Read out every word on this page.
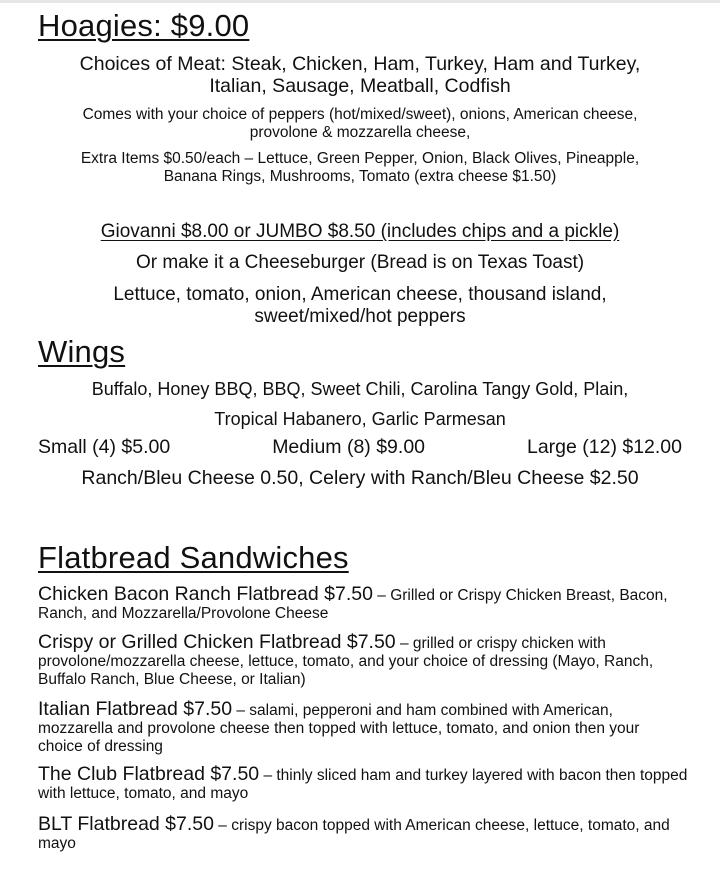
Hoagies: $9.00
Choices of Meat: Steak, Chicken, Ham, Turkey, Ham and Turkey,
Italian, Sausage, Meatball, Codfish
Comes with your choice of peppers (hot/mixed/sweet), onions, American cheese,
provolone & mozzarella cheese,
Extra Items $0.50/each – Lettuce, Green Pepper, Onion, Black Olives, Pineapple,
Banana Rings, Mushrooms, Tomato (extra cheese $1.50)
Giovanni $8.00 or JUMBO $8.50 (includes chips and a pickle)
Or make it a Cheeseburger (Bread is on Texas Toast)
Lettuce, tomato, onion, American cheese, thousand island,
sweet/mixed/hot peppers
Wings
Buffalo, Honey BBQ, BBQ, Sweet Chili, Carolina Tangy Gold, Plain,
Tropical Habanero, Garlic Parmesan
Small (4) $5.00	Medium (8) $9.00	Large (12) $12.00
Ranch/Bleu Cheese 0.50, Celery with Ranch/Bleu Cheese $2.50
Flatbread Sandwiches
Chicken Bacon Ranch Flatbread $7.50 – Grilled or Crispy Chicken Breast, Bacon, Ranch, and Mozzarella/Provolone Cheese
Crispy or Grilled Chicken Flatbread $7.50 – grilled or crispy chicken with provolone/mozzarella cheese, lettuce, tomato, and your choice of dressing (Mayo, Ranch, Buffalo Ranch, Blue Cheese, or Italian)
Italian Flatbread $7.50 – salami, pepperoni and ham combined with American, mozzarella and provolone cheese then topped with lettuce, tomato, and onion then your choice of dressing
The Club Flatbread $7.50 – thinly sliced ham and turkey layered with bacon then topped with lettuce, tomato, and mayo
BLT Flatbread $7.50 – crispy bacon topped with American cheese, lettuce, tomato, and mayo
